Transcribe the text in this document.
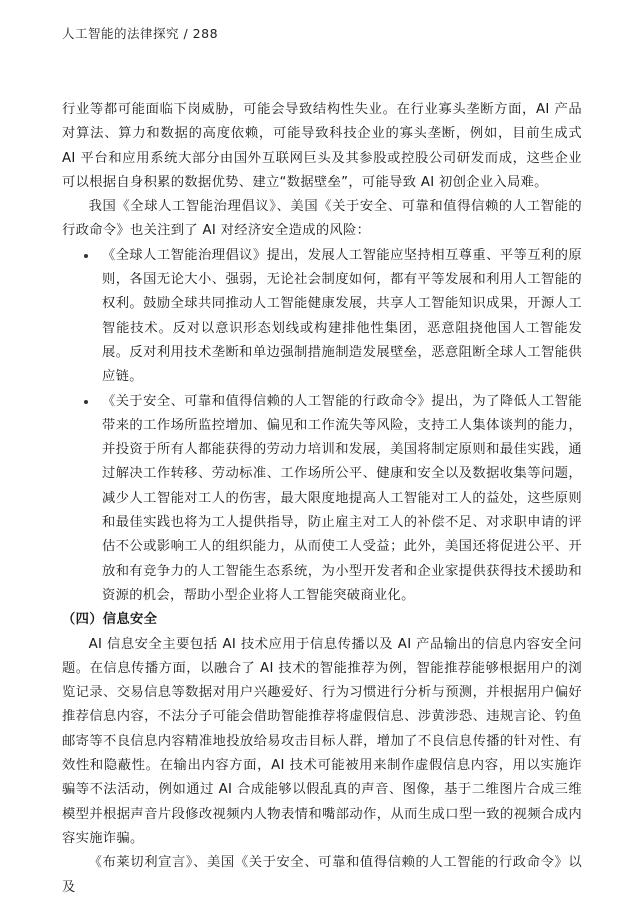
人工智能的法律探究 / 288

行业等都可能面临下岗威胁，可能会导致结构性失业。在行业寡头垄断方面，AI 产品对算法、算力和数据的高度依赖，可能导致科技企业的寡头垄断，例如，目前生成式 AI 平台和应用系统大部分由国外互联网巨头及其参股或控股公司研发而成，这些企业可以根据自身积累的数据优势、建立“数据壁垒”，可能导致 AI 初创企业入局难。

我国《全球人工智能治理倡议》、美国《关于安全、可靠和值得信赖的人工智能的行政命令》也关注到了 AI 对经济安全造成的风险：

《全球人工智能治理倡议》提出，发展人工智能应坚持相互尊重、平等互利的原则，各国无论大小、强弱，无论社会制度如何，都有平等发展和利用人工智能的权利。鼓励全球共同推动人工智能健康发展，共享人工智能知识成果，开源人工智能技术。反对以意识形态划线或构建排他性集团，恶意阻挠他国人工智能发展。反对利用技术垄断和单边强制措施制造发展壁垒，恶意阻断全球人工智能供应链。
《关于安全、可靠和值得信赖的人工智能的行政命令》提出，为了降低人工智能带来的工作场所监控增加、偏见和工作流失等风险，支持工人集体谈判的能力，并投资于所有人都能获得的劳动力培训和发展，美国将制定原则和最佳实践，通过解决工作转移、劳动标准、工作场所公平、健康和安全以及数据收集等问题，减少人工智能对工人的伤害，最大限度地提高人工智能对工人的益处，这些原则和最佳实践也将为工人提供指导，防止雇主对工人的补偿不足、对求职申请的评估不公或影响工人的组织能力，从而使工人受益；此外，美国还将促进公平、开放和有竞争力的人工智能生态系统，为小型开发者和企业家提供获得技术援助和资源的机会，帮助小型企业将人工智能突破商业化。

（四）信息安全

AI 信息安全主要包括 AI 技术应用于信息传播以及 AI 产品输出的信息内容安全问题。在信息传播方面，以融合了 AI 技术的智能推荐为例，智能推荐能够根据用户的浏览记录、交易信息等数据对用户兴趣爱好、行为习惯进行分析与预测，并根据用户偏好推荐信息内容，不法分子可能会借助智能推荐将虚假信息、涉黄涉恐、违规言论、钓鱼邮寄等不良信息内容精准地投放给易攻击目标人群，增加了不良信息传播的针对性、有效性和隐蔽性。在输出内容方面，AI 技术可能被用来制作虚假信息内容，用以实施诈骗等不法活动，例如通过 AI 合成能够以假乱真的声音、图像，基于二维图片合成三维模型并根据声音片段修改视频内人物表情和嘴部动作，从而生成口型一致的视频合成内容实施诈骗。

《布莱切利宣言》、美国《关于安全、可靠和值得信赖的人工智能的行政命令》以及
